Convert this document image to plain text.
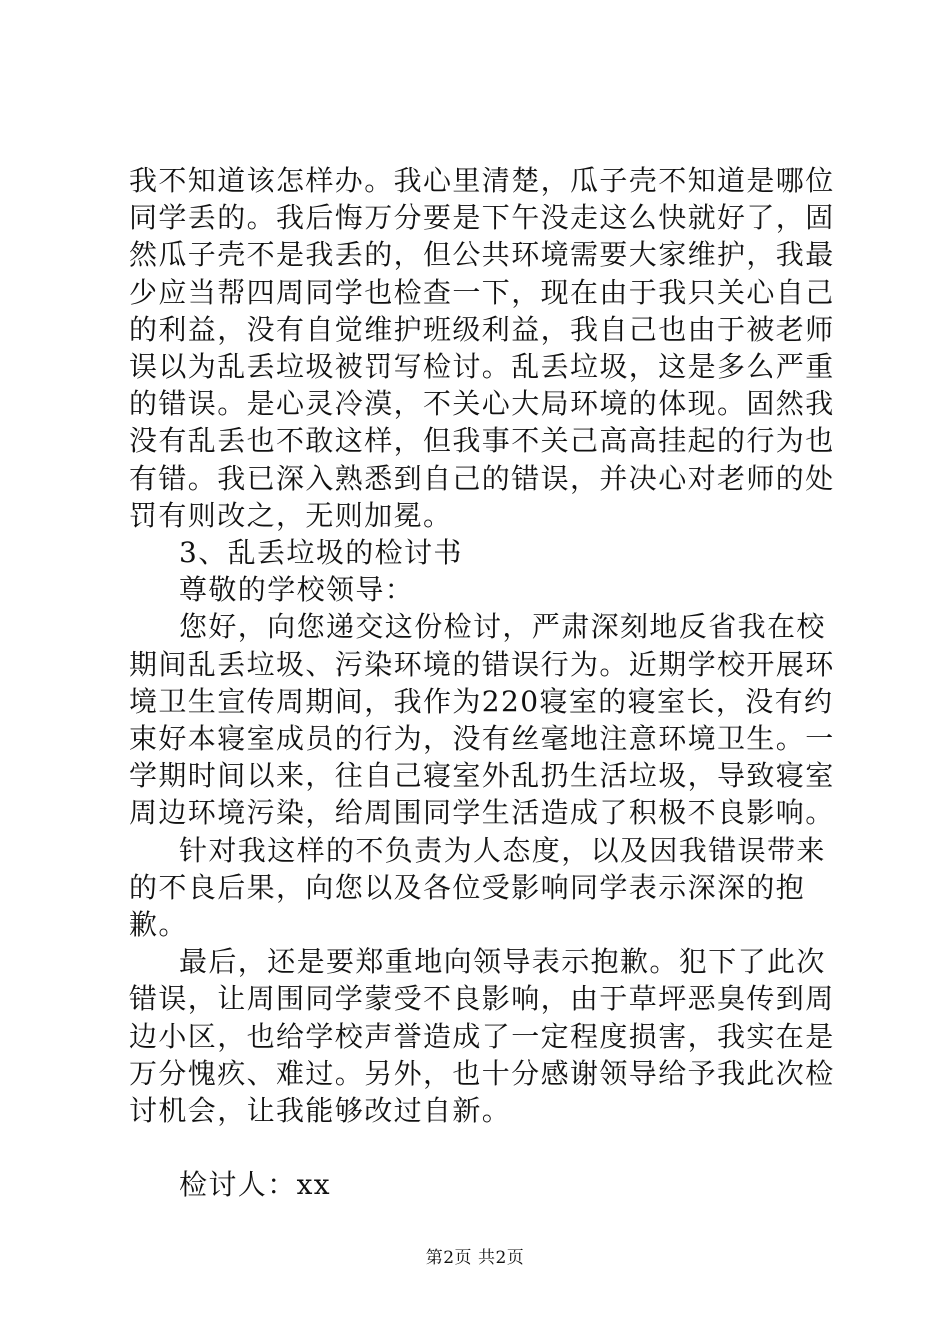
我不知道该怎样办。我心里清楚，瓜子壳不知道是哪位同学丢的。我后悔万分要是下午没走这么快就好了，固然瓜子壳不是我丢的，但公共环境需要大家维护，我最少应当帮四周同学也检查一下，现在由于我只关心自己的利益，没有自觉维护班级利益，我自己也由于被老师误以为乱丢垃圾被罚写检讨。乱丢垃圾，这是多么严重的错误。是心灵冷漠，不关心大局环境的体现。固然我没有乱丢也不敢这样，但我事不关己高高挂起的行为也有错。我已深入熟悉到自己的错误，并决心对老师的处罚有则改之，无则加冕。

3、乱丢垃圾的检讨书

尊敬的学校领导：

您好，向您递交这份检讨，严肃深刻地反省我在校期间乱丢垃圾、污染环境的错误行为。近期学校开展环境卫生宣传周期间，我作为220寝室的寝室长，没有约束好本寝室成员的行为，没有丝毫地注意环境卫生。一学期时间以来，往自己寝室外乱扔生活垃圾，导致寝室周边环境污染，给周围同学生活造成了积极不良影响。

针对我这样的不负责为人态度，以及因我错误带来的不良后果，向您以及各位受影响同学表示深深的抱歉。

最后，还是要郑重地向领导表示抱歉。犯下了此次错误，让周围同学蒙受不良影响，由于草坪恶臭传到周边小区，也给学校声誉造成了一定程度损害，我实在是万分愧疚、难过。另外，也十分感谢领导给予我此次检讨机会，让我能够改过自新。

检讨人：xx

第2页 共2页
